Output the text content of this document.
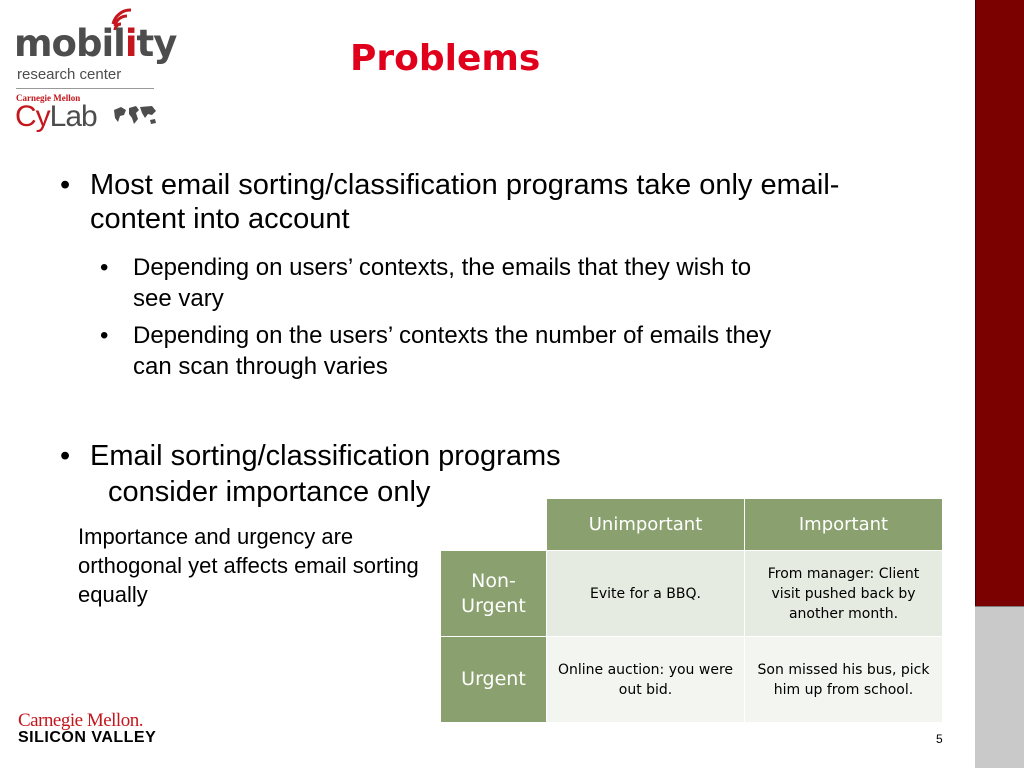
mobility
research center
Carnegie Mellon
CyLab
Problems
• Most email sorting/classification programs take only email-content into account
• Depending on users’ contexts, the emails that they wish to see vary
• Depending on the users’ contexts the number of emails they can scan through varies
• Email sorting/classification programs
consider importance only
Importance and urgency are orthogonal yet affects email sorting equally
	Unimportant	Important
Non-Urgent	Evite for a BBQ.	From manager: Client visit pushed back by another month.
Urgent	Online auction: you were out bid.	Son missed his bus, pick him up from school.
Carnegie Mellon.
SILICON VALLEY	5
